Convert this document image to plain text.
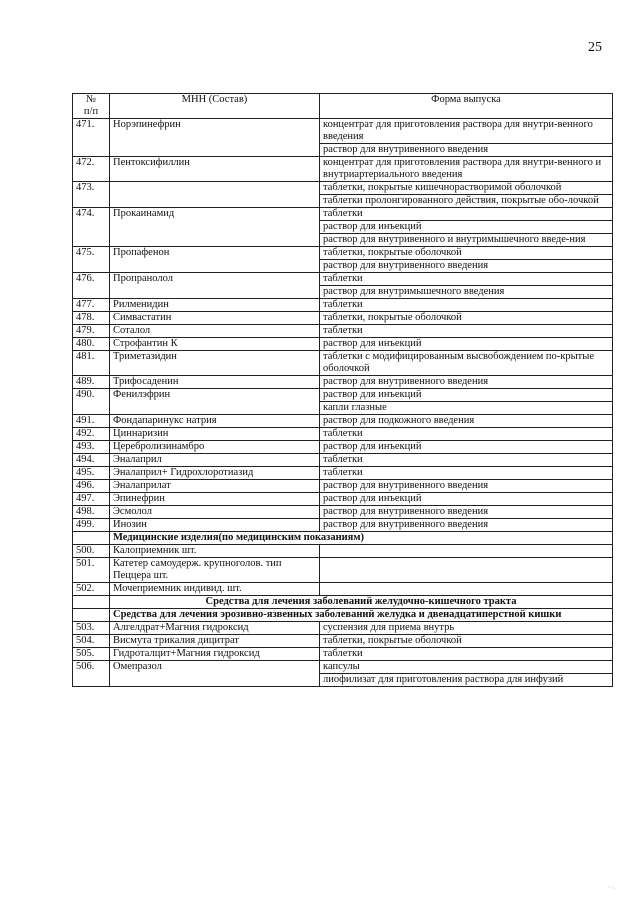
25
№
п/п	МНН (Состав)	Форма выпуска
471.	Норэпинефрин	концентрат для приготовления раствора для внутри-венного введения
раствор для внутривенного введения

472.	Пентоксифиллин	концентрат для приготовления раствора для внутри-венного и внутриартериального введения

473.		таблетки, покрытые кишечнорастворимой оболочкой
таблетки пролонгированного действия, покрытые обо-лочкой

474.	Прокаинамид	таблетки
раствор для инъекций
раствор для внутривенного и внутримышечного введе-ния

475.	Пропафенон	таблетки, покрытые оболочкой
раствор для внутривенного введения

476.	Пропранолол	таблетки
раствор для внутримышечного введения

477.	Рилменидин	таблетки

478.	Симвастатин	таблетки, покрытые оболочкой

479.	Соталол	таблетки

480.	Строфантин К	раствор для инъекций

481.	Триметазидин	таблетки с модифицированным высвобождением по-крытые оболочкой

489.	Трифосаденин	раствор для внутривенного введения

490.	Фенилэфрин	раствор для инъекций
капли глазные

491.	Фондапаринукс натрия	раствор для подкожного введения

492.	Циннаризин	таблетки

493.	Церебролизинамбро	раствор для инъекций

494.	Эналаприл	таблетки

495.	Эналаприл+ Гидрохлоротиазид	таблетки

496.	Эналаприлат	раствор для внутривенного введения

497.	Эпинефрин	раствор для инъекций

498.	Эсмолол	раствор для внутривенного введения

499.	Инозин	раствор для внутривенного введения

	Медицинские изделия(по медицинским показаниям)	
500.	Калоприемник шт.	

501.	Катетер самоудерж. крупноголов. тип Пеццера шт.	

502.	Мочеприемник индивид. шт.	

	Средства для лечения заболеваний желудочно-кишечного тракта	
	Средства для лечения эрозивно-язвенных заболеваний желудка и двенадцатиперстной кишки	
503.	Алгелдрат+Магния гидроксид	суспензия для приема внутрь

504.	Висмута трикалия дицитрат	таблетки, покрытые оболочкой

505.	Гидроталцит+Магния гидроксид	таблетки

506.	Омепразол	капсулы
лиофилизат для приготовления раствора для инфузий
· ·.
